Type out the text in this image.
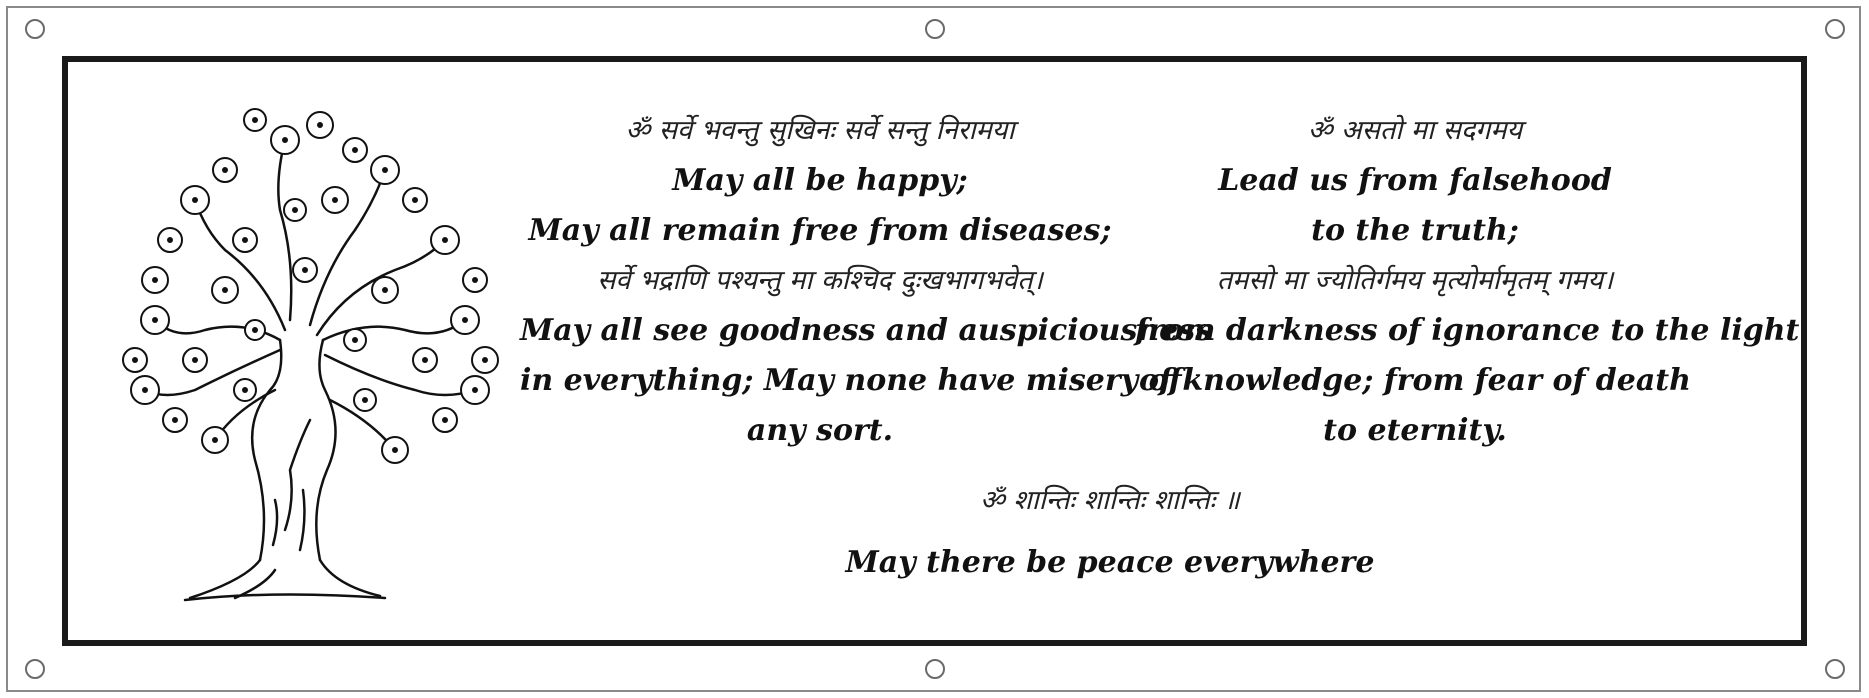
ॐ सर्वे भवन्तु सुखिनः सर्वे सन्तु निरामया
May all be happy;
May all remain free from diseases;
सर्वे भद्राणि पश्यन्तु मा कश्चिद दुःखभागभवेत्।
May all see goodness and auspiciousness
in everything; May none have misery of
any sort.
ॐ असतो मा सदगमय
Lead us from falsehood
to the truth;
तमसो मा ज्योतिर्गमय मृत्योर्मामृतम् गमय।
from darkness of ignorance to the light
of knowledge; from fear of death
to eternity.
ॐ शान्तिः शान्तिः शान्तिः ॥
May there be peace everywhere
